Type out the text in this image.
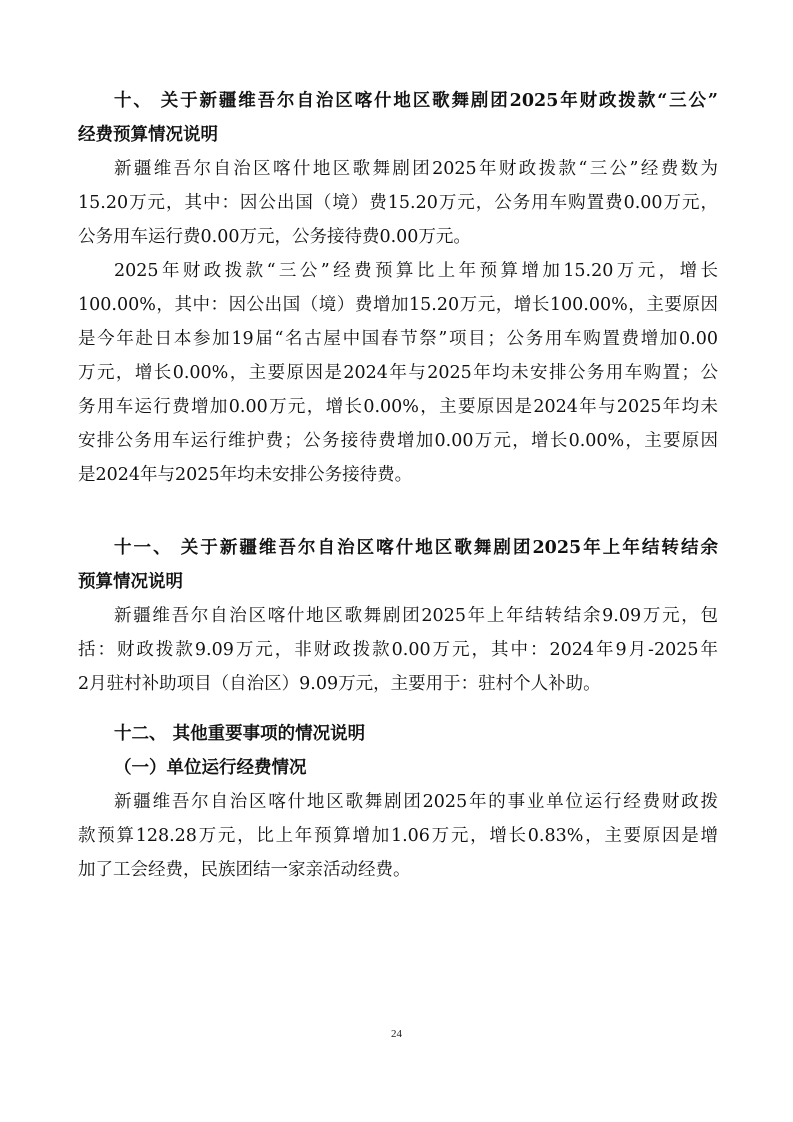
十、 关于新疆维吾尔自治区喀什地区歌舞剧团2025年财政拨款“三公”
经费预算情况说明
新疆维吾尔自治区喀什地区歌舞剧团2025年财政拨款“三公”经费数为
15.20万元，其中：因公出国（境）费15.20万元，公务用车购置费0.00万元，
公务用车运行费0.00万元，公务接待费0.00万元。
2025年财政拨款“三公”经费预算比上年预算增加15.20万元，增长
100.00%，其中：因公出国（境）费增加15.20万元，增长100.00%，主要原因
是今年赴日本参加19届“名古屋中国春节祭”项目；公务用车购置费增加0.00
万元，增长0.00%，主要原因是2024年与2025年均未安排公务用车购置；公
务用车运行费增加0.00万元，增长0.00%，主要原因是2024年与2025年均未
安排公务用车运行维护费；公务接待费增加0.00万元，增长0.00%，主要原因
是2024年与2025年均未安排公务接待费。
十一、 关于新疆维吾尔自治区喀什地区歌舞剧团2025年上年结转结余
预算情况说明
新疆维吾尔自治区喀什地区歌舞剧团2025年上年结转结余9.09万元，包
括：财政拨款9.09万元，非财政拨款0.00万元，其中：2024年9月-2025年
2月驻村补助项目（自治区）9.09万元，主要用于：驻村个人补助。
十二、 其他重要事项的情况说明
（一）单位运行经费情况
新疆维吾尔自治区喀什地区歌舞剧团2025年的事业单位运行经费财政拨
款预算128.28万元，比上年预算增加1.06万元，增长0.83%，主要原因是增
加了工会经费，民族团结一家亲活动经费。
24
